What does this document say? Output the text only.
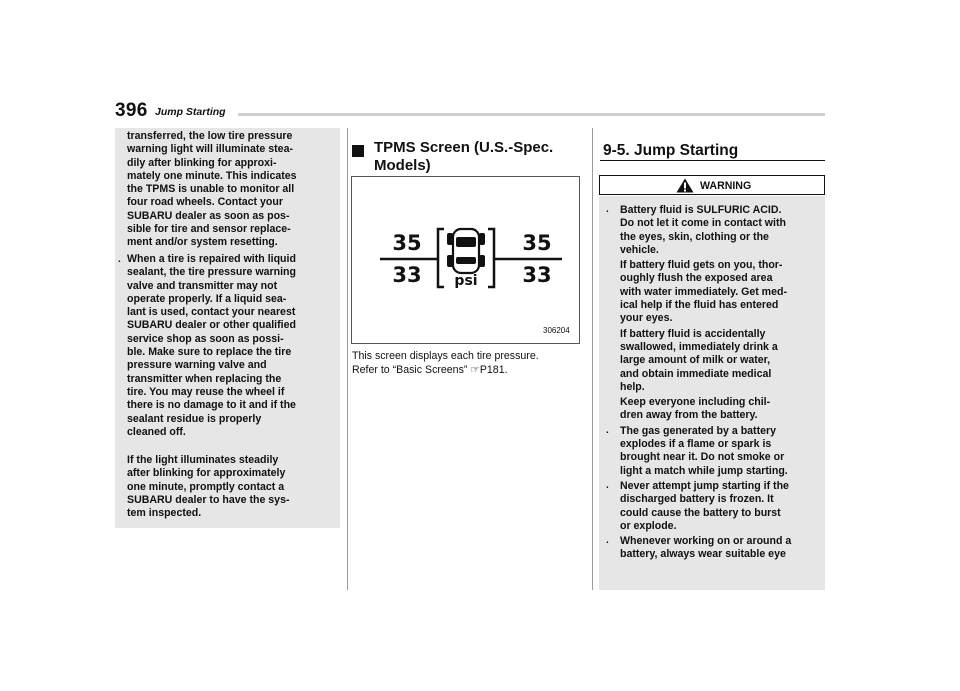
396 Jump Starting
transferred, the low tire pressure
warning light will illuminate stea-
dily after blinking for approxi-
mately one minute. This indicates
the TPMS is unable to monitor all
four road wheels. Contact your
SUBARU dealer as soon as pos-
sible for tire and sensor replace-
ment and/or system resetting.
. When a tire is repaired with liquid
sealant, the tire pressure warning
valve and transmitter may not
operate properly. If a liquid sea-
lant is used, contact your nearest
SUBARU dealer or other qualified
service shop as soon as possi-
ble. Make sure to replace the tire
pressure warning valve and
transmitter when replacing the
tire. You may reuse the wheel if
there is no damage to it and if the
sealant residue is properly
cleaned off.
If the light illuminates steadily
after blinking for approximately
one minute, promptly contact a
SUBARU dealer to have the sys-
tem inspected.
TPMS Screen (U.S.-Spec.
Models)
35	35
33	33
psi
306204
This screen displays each tire pressure.
Refer to “Basic Screens” ☞P181.
9-5. Jump Starting
WARNING
. Battery fluid is SULFURIC ACID.
Do not let it come in contact with
the eyes, skin, clothing or the
vehicle.
If battery fluid gets on you, thor-
oughly flush the exposed area
with water immediately. Get med-
ical help if the fluid has entered
your eyes.
If battery fluid is accidentally
swallowed, immediately drink a
large amount of milk or water,
and obtain immediate medical
help.
Keep everyone including chil-
dren away from the battery.
. The gas generated by a battery
explodes if a flame or spark is
brought near it. Do not smoke or
light a match while jump starting.
. Never attempt jump starting if the
discharged battery is frozen. It
could cause the battery to burst
or explode.
. Whenever working on or around a
battery, always wear suitable eye
